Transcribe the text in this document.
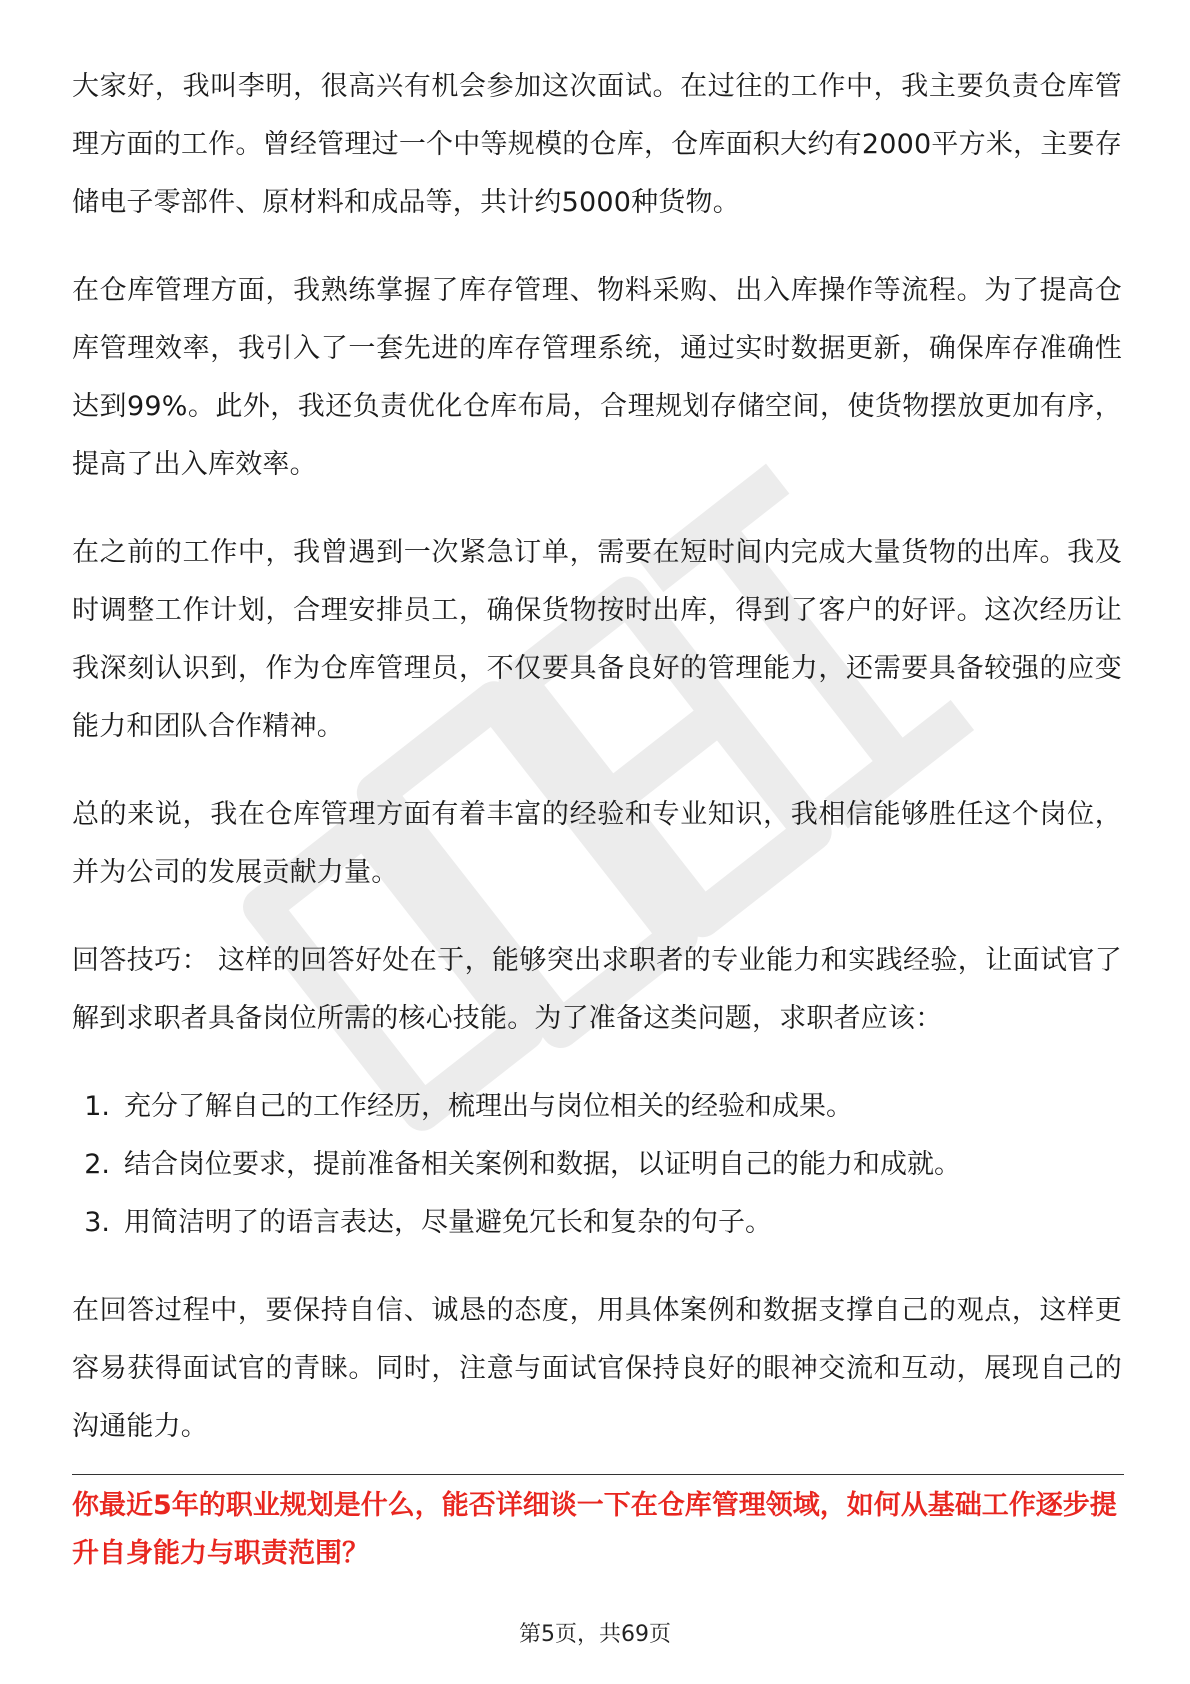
大家好，我叫李明，很高兴有机会参加这次面试。在过往的工作中，我主要负责仓库管理方面的工作。曾经管理过一个中等规模的仓库，仓库面积大约有2000平方米，主要存储电子零部件、原材料和成品等，共计约5000种货物。

在仓库管理方面，我熟练掌握了库存管理、物料采购、出入库操作等流程。为了提高仓库管理效率，我引入了一套先进的库存管理系统，通过实时数据更新，确保库存准确性达到99%。此外，我还负责优化仓库布局，合理规划存储空间，使货物摆放更加有序，提高了出入库效率。

在之前的工作中，我曾遇到一次紧急订单，需要在短时间内完成大量货物的出库。我及时调整工作计划，合理安排员工，确保货物按时出库，得到了客户的好评。这次经历让我深刻认识到，作为仓库管理员，不仅要具备良好的管理能力，还需要具备较强的应变能力和团队合作精神。

总的来说，我在仓库管理方面有着丰富的经验和专业知识，我相信能够胜任这个岗位，并为公司的发展贡献力量。

回答技巧： 这样的回答好处在于，能够突出求职者的专业能力和实践经验，让面试官了解到求职者具备岗位所需的核心技能。为了准备这类问题，求职者应该：

1. 充分了解自己的工作经历，梳理出与岗位相关的经验和成果。
2. 结合岗位要求，提前准备相关案例和数据，以证明自己的能力和成就。
3. 用简洁明了的语言表达，尽量避免冗长和复杂的句子。

在回答过程中，要保持自信、诚恳的态度，用具体案例和数据支撑自己的观点，这样更容易获得面试官的青睐。同时，注意与面试官保持良好的眼神交流和互动，展现自己的沟通能力。

你最近5年的职业规划是什么，能否详细谈一下在仓库管理领域，如何从基础工作逐步提升自身能力与职责范围？
第5页，共69页
